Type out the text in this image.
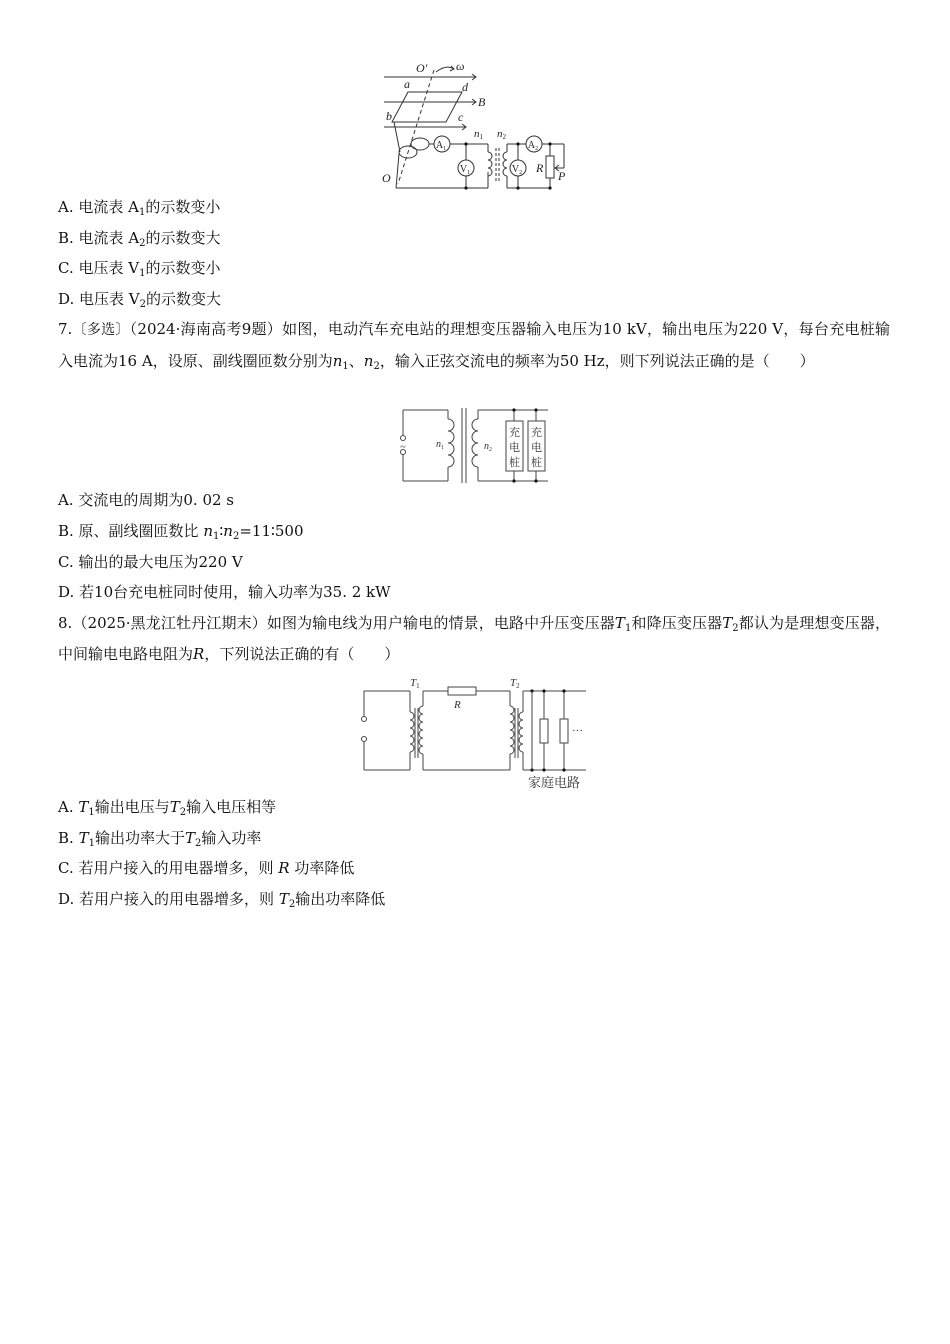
O′ ω
a	d
b	c
B
O
n1 n2
R
P
$A_1$	$A_2$
$V_1$	$V_2$
A. 电流表 $A_1$的示数变小
B. 电流表 $A_2$的示数变大
C. 电压表 $V_1$的示数变小
D. 电压表 $V_2$的示数变大
7.〔多选〕（2024·海南高考9题）如图，电动汽车充电站的理想变压器输入电压为10 kV，输出电压为220 V，每台充电桩输入电流为16 A，设原、副线圈匝数分别为$n_1$、$n_2$，输入正弦交流电的频率为50 Hz，则下列说法正确的是（　　）
~	$n_1$	$n_2$
充
电
桩
充
电
桩
A. 交流电的周期为0. 02 s
B. 原、副线圈匝数比 $n_1∶n_2=11∶500$
C. 输出的最大电压为220 V
D. 若10台充电桩同时使用，输入功率为35. 2 kW
8.（2025·黑龙江牡丹江期末）如图为输电线为用户输电的情景，电路中升压变压器$T_1$和降压变压器$T_2$都认为是理想变压器，中间输电电路电阻为R，下列说法正确的有（　　）
T1	T2
R
···
家庭电路
A. $T_1$输出电压与$T_2$输入电压相等
B. $T_1$输出功率大于$T_2$输入功率
C. 若用户接入的用电器增多，则 R 功率降低
D. 若用户接入的用电器增多，则 $T_2$输出功率降低
